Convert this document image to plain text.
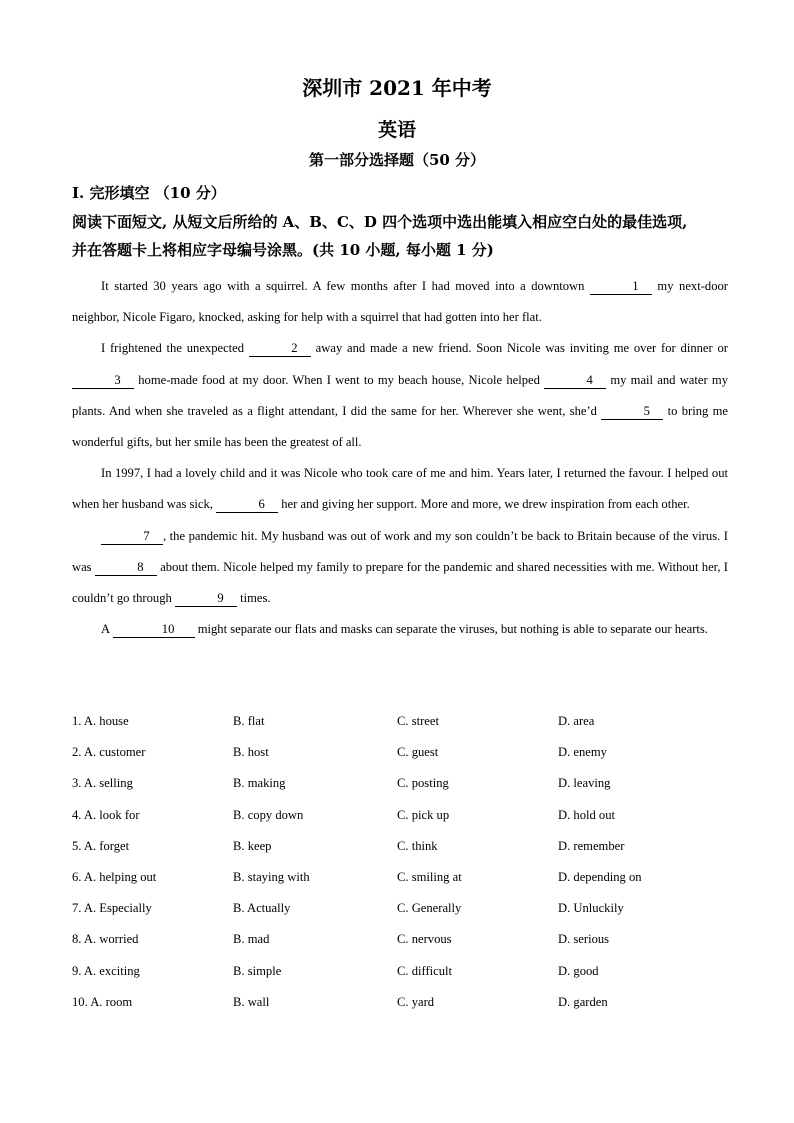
深圳市 2021 年中考
英语
第一部分选择题（50 分）
I. 完形填空 （10 分）
阅读下面短文, 从短文后所给的 A、B、C、D 四个选项中选出能填入相应空白处的最佳选项,
并在答题卡上将相应字母编号涂黑。(共 10 小题, 每小题 1 分)

It started 30 years ago with a squirrel. A few months after I had moved into a downtown	1 my next-door neighbor, Nicole Figaro, knocked, asking for help with a squirrel that had gotten into her flat.

I frightened the unexpected	2 away and made a new friend. Soon Nicole was inviting me over for dinner or 3 home-made food at my door. When I went to my beach house, Nicole helped	4 my mail and water my plants. And when she traveled as a flight attendant, I did the same for her. Wherever she went, she’d	5 to bring me wonderful gifts, but her smile has been the greatest of all.

In 1997, I had a lovely child and it was Nicole who took care of me and him. Years later, I returned the favour. I helped out when her husband was sick,	6 her and giving her support. More and more, we drew inspiration from each other.

7 , the pandemic hit. My husband was out of work and my son couldn’t be back to Britain because of the virus. I was	8 about them. Nicole helped my family to prepare for the pandemic and shared necessities with me. Without her, I couldn’t go through	9 times.

A	10 might separate our flats and masks can separate the viruses, but nothing is able to separate our hearts.

1. A. house	B. flat	C. street	D. area
2. A. customer	B. host	C. guest	D. enemy
3. A. selling	B. making	C. posting	D. leaving
4. A. look for	B. copy down	C. pick up	D. hold out
5. A. forget	B. keep	C. think	D. remember
6. A. helping out	B. staying with	C. smiling at	D. depending on
7. A. Especially	B. Actually	C. Generally	D. Unluckily
8. A. worried	B. mad	C. nervous	D. serious
9. A. exciting	B. simple	C. difficult	D. good
10. A. room	B. wall	C. yard	D. garden
